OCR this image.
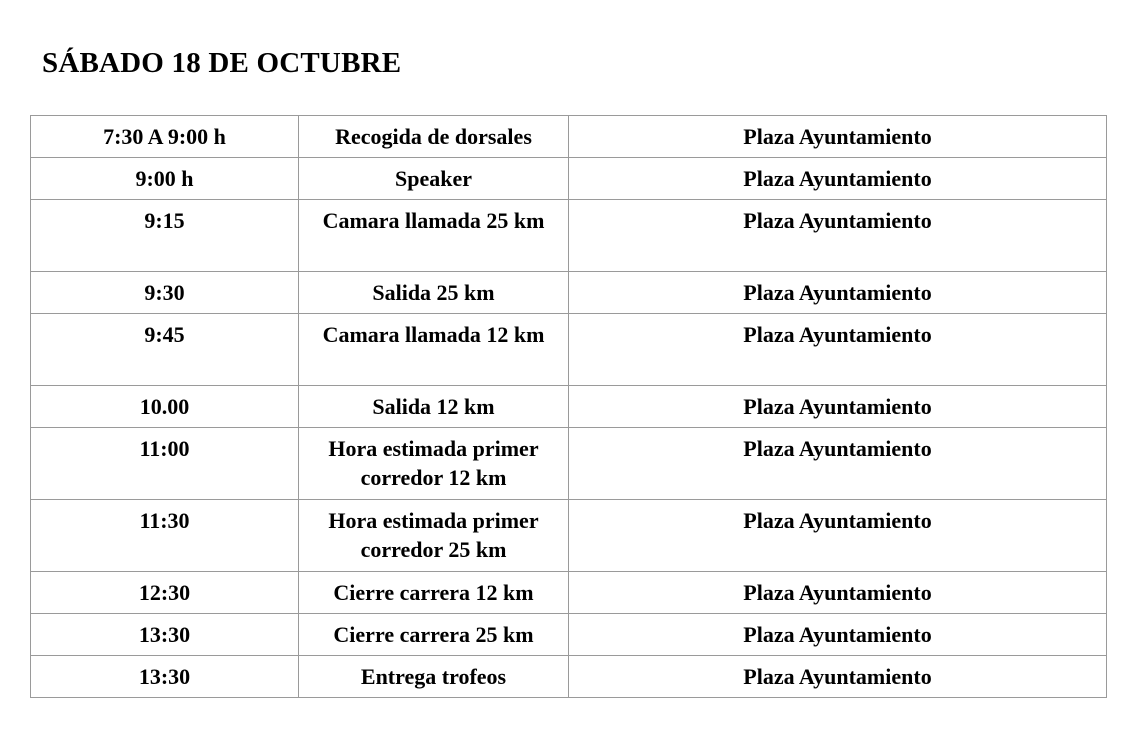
SÁBADO 18 DE OCTUBRE
7:30 A 9:00 h	Recogida de dorsales	Plaza Ayuntamiento
9:00 h	Speaker	Plaza Ayuntamiento
9:15	Camara llamada 25 km	Plaza Ayuntamiento
9:30	Salida 25 km	Plaza Ayuntamiento
9:45	Camara llamada 12 km	Plaza Ayuntamiento
10.00	Salida 12 km	Plaza Ayuntamiento
11:00	Hora estimada primer corredor 12 km	Plaza Ayuntamiento
11:30	Hora estimada primer corredor 25 km	Plaza Ayuntamiento
12:30	Cierre carrera 12 km	Plaza Ayuntamiento
13:30	Cierre carrera 25 km	Plaza Ayuntamiento
13:30	Entrega trofeos	Plaza Ayuntamiento
